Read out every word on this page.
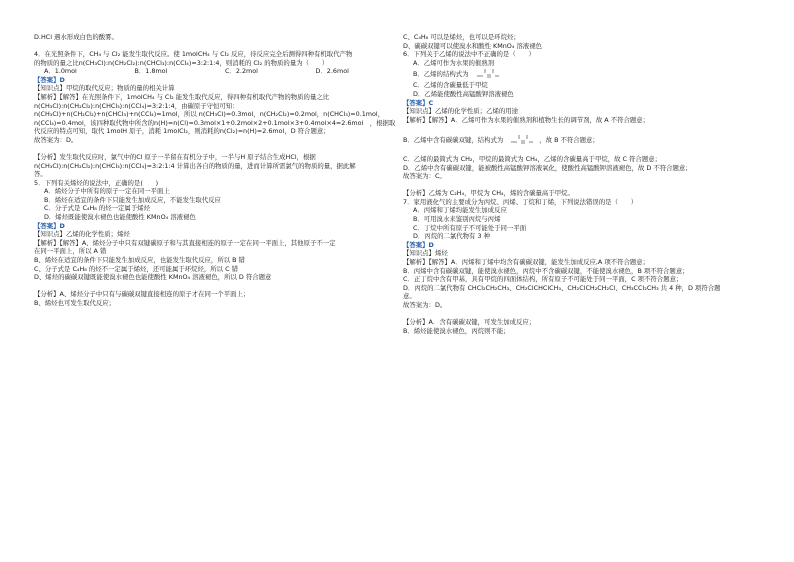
D.HCl 遇水形成白色的酸雾。
4．在光照条件下，CH₄ 与 Cl₂ 能发生取代反应。使 1molCH₄ 与 Cl₂ 反应，待反应完全后测得四种有机取代产物
的物质的量之比n(CH₃Cl):n(CH₂Cl₂):n(CHCl₃):n(CCl₄)=3:2:1:4，则消耗的 Cl₂ 的物质的量为（　　）
A．1.0mol	B．1.8mol	C．2.2mol	D．2.6mol
【答案】D
【知识点】甲烷的取代反应；物质的量的相关计算
【解析】【解答】在光照条件下，1molCH₄ 与 Cl₂ 能发生取代反应，得四种有机取代产物的物质的量之比
n(CH₃Cl):n(CH₂Cl₂):n(CHCl₃):n(CCl₄)=3:2:1:4，由碳原子守恒可知：
n(CH₃Cl)+n(CH₂Cl₂)+n(CHCl₃)+n(CCl₄)=1mol，所以 n(CH₃Cl)=0.3mol，n(CH₂Cl₂)=0.2mol，n(CHCl₃)=0.1mol，
n(CCl₄)=0.4mol，该四种取代物中所含的n(H)=n(Cl)=0.3mol×1+0.2mol×2+0.1mol×3+0.4mol×4=2.6mol　，根据取
代反应的特点可知，取代 1molH 原子，消耗 1molCl₂，则消耗的n(Cl₂)=n(H)=2.6mol，D 符合题意；
故答案为：D。
【分析】发生取代反应时，氯气中的Cl 原子一半留在有机分子中，一半与H 原子结合生成HCl，根据
n(CH₃Cl):n(CH₂Cl₂):n(CHCl₃):n(CCl₄)=3:2:1:4 计算出各自的物质的量，进而计算所需氯气的物质的量，据此解
答。
5．下列有关烯烃的说法中，正确的是(　　)
A．烯烃分子中所有的原子一定在同一平面上
B．烯烃在适宜的条件下只能发生加成反应，不能发生取代反应
C．分子式是 C₄H₈ 的烃一定属于烯烃
D．烯烃既能使溴水褪色也能使酸性 KMnO₄ 溶液褪色
【答案】D
【知识点】乙烯的化学性质；烯烃
【解析】【解答】A、烯烃分子中只有双键碳原子和与其直接相连的原子一定在同一平面上，其他原子不一定
在同一平面上，所以 A 错
B、烯烃在适宜的条件下只能发生加成反应，也能发生取代反应，所以 B 错
C、分子式是 C₄H₈ 的烃不一定属于烯烃，还可能属于环烷烃，所以 C 错
D、烯烃的碳碳双键既能使溴水褪色也能使酸性 KMnO₄ 溶液褪色，所以 D 符合题意
【分析】A、烯烃分子中只有与碳碳双键直接相连的原子才在同一个平面上；
B、烯烃也可发生取代反应；
C、C₄H₈ 可以是烯烃，也可以是环烷烃；
D、碳碳双键可以使溴水和酸性 KMnO₄ 溶液褪色
6．下列关于乙烯的说法中不正确的是（　　）
A．乙烯可作为水果的催熟剂
B．乙烯的结构式为
C．乙烯的含碳量低于甲烷
D．乙烯能使酸性高锰酸钾溶液褪色
【答案】C
【知识点】乙烯的化学性质；乙烯的用途
【解析】【解答】A．乙烯可作为水果的催熟剂和植物生长的调节剂，故 A 不符合题意；
B．乙烯中含有碳碳双键，结构式为	，故 B 不符合题意；
C．乙烯的最简式为 CH₂，甲烷的最简式为 CH₄，乙烯的含碳量高于甲烷，故 C 符合题意；
D．乙烯中含有碳碳双键，能被酸性高锰酸钾溶液氧化，使酸性高锰酸钾溶液褪色，故 D 不符合题意；
故答案为：C。
【分析】乙烯为 C₂H₄，甲烷为 CH₄，烯的含碳量高于甲烷。
7．家用液化气的主要成分为丙烷、丙烯、丁烷和丁烯，下列说法错误的是（　　）
A．丙烯和丁烯均能发生加成反应
B．可用溴水来鉴别丙烷与丙烯
C．丁烷中所有原子不可能处于同一平面
D．丙烷的二氯代物有 3 种
【答案】D
【知识点】烯烃
【解析】【解答】A．丙烯和丁烯中均含有碳碳双键，能发生加成反应,A 项不符合题意；
B．丙烯中含有碳碳双键，能使溴水褪色，丙烷中不含碳碳双键，不能使溴水褪色，B 项不符合题意；
C．正丁烷中含有甲基，具有甲烷的四面体结构，所有原子不可能处于同一平面，C 项不符合题意；
D．丙烷的二氯代物有 CHCl₂CH₂CH₃、CH₂ClCHClCH₃、CH₂ClCH₂CH₂Cl、CH₃CCl₂CH₃ 共 4 种，D 项符合题
意。
故答案为：D。
【分析】A．含有碳碳双键，可发生加成反应；
B．烯烃能使溴水褪色，丙烷则不能；
